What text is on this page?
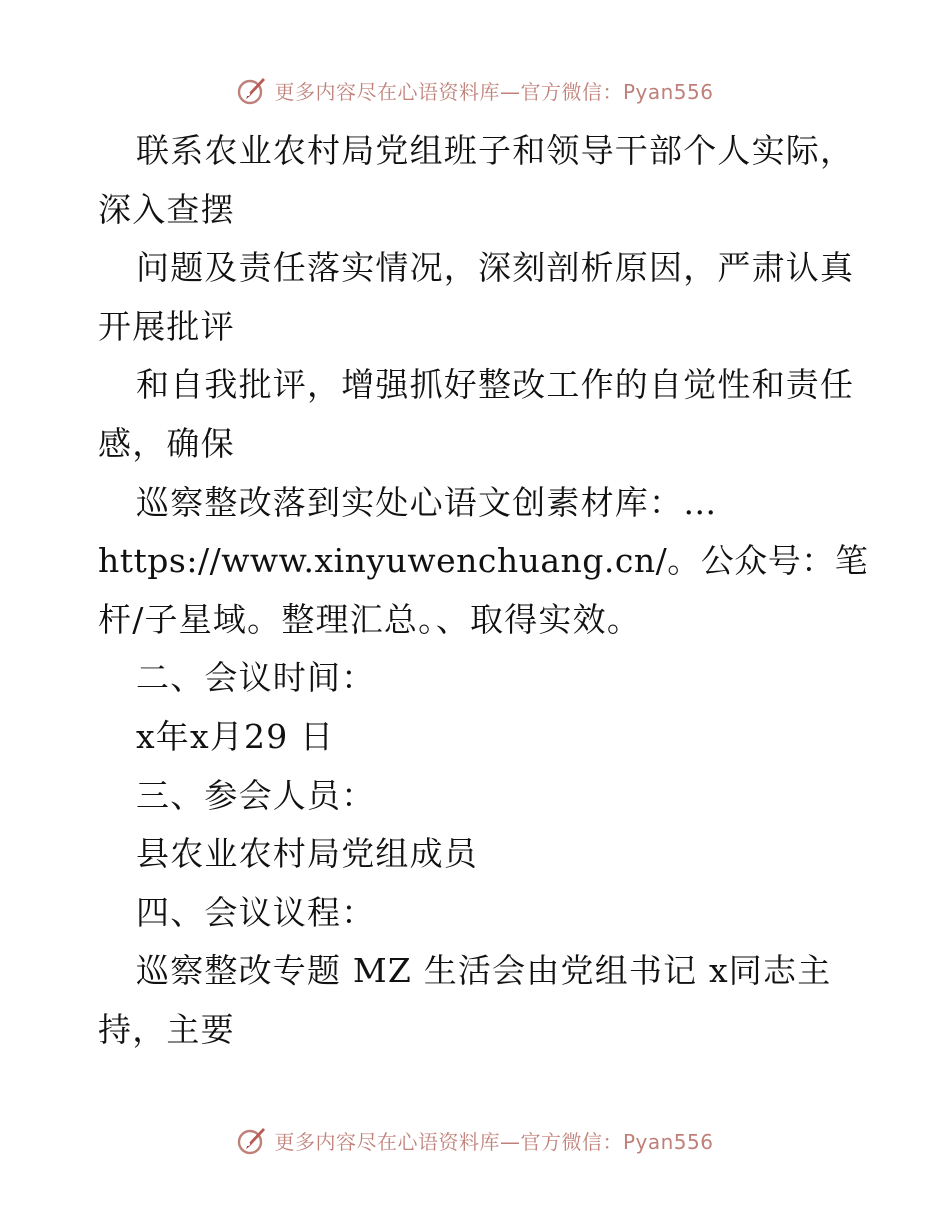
更多内容尽在心语资料库—官方微信：Pyan556
联系农业农村局党组班子和领导干部个人实际，
深入查摆
问题及责任落实情况，深刻剖析原因，严肃认真
开展批评
和自我批评，增强抓好整改工作的自觉性和责任
感，确保
巡察整改落到实处心语文创素材库：…
https://www.xinyuwenchuang.cn/。公众号：笔
杆/子星域。整理汇总。、取得实效。
二、会议时间：
x年x月29 日
三、参会人员：
县农业农村局党组成员
四、会议议程：
巡察整改专题 MZ 生活会由党组书记 x同志主
持，主要
更多内容尽在心语资料库—官方微信：Pyan556
